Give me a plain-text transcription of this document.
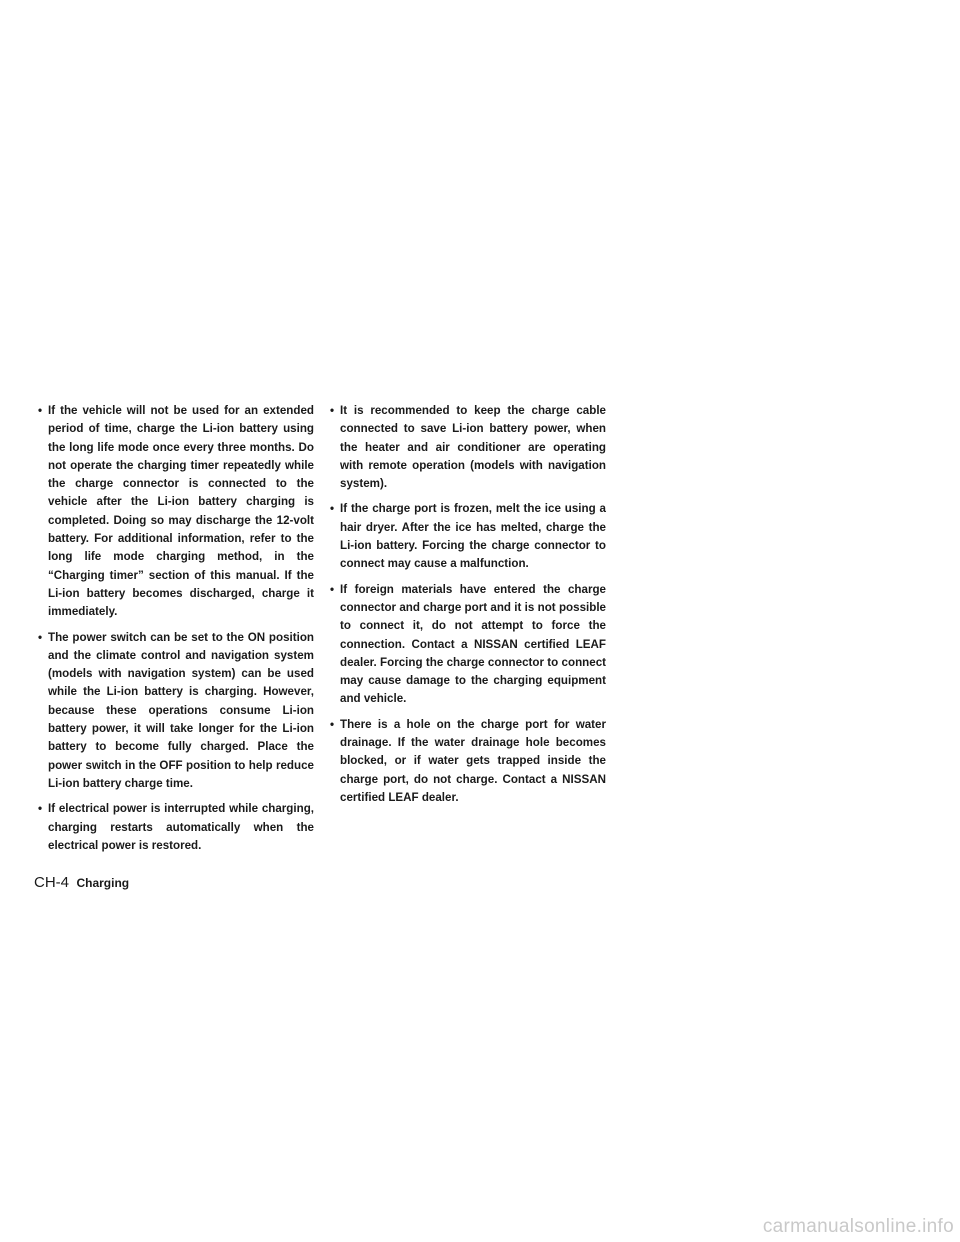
• If the vehicle will not be used for an extended period of time, charge the Li-ion battery using the long life mode once every three months. Do not operate the charging timer repeatedly while the charge connector is connected to the vehicle after the Li-ion battery charging is completed. Doing so may discharge the 12-volt battery. For additional information, refer to the long life mode charging method, in the “Charging timer” section of this manual. If the Li-ion battery becomes discharged, charge it immediately.
• The power switch can be set to the ON position and the climate control and navigation system (models with navigation system) can be used while the Li-ion battery is charging. However, because these operations consume Li-ion battery power, it will take longer for the Li-ion battery to become fully charged. Place the power switch in the OFF position to help reduce Li-ion battery charge time.
• If electrical power is interrupted while charging, charging restarts automatically when the electrical power is restored.
• It is recommended to keep the charge cable connected to save Li-ion battery power, when the heater and air conditioner are operating with remote operation (models with navigation system).
• If the charge port is frozen, melt the ice using a hair dryer. After the ice has melted, charge the Li-ion battery. Forcing the charge connector to connect may cause a malfunction.
• If foreign materials have entered the charge connector and charge port and it is not possible to connect it, do not attempt to force the connection. Contact a NISSAN certified LEAF dealer. Forcing the charge connector to connect may cause damage to the charging equipment and vehicle.
• There is a hole on the charge port for water drainage. If the water drainage hole becomes blocked, or if water gets trapped inside the charge port, do not charge. Contact a NISSAN certified LEAF dealer.
CH-4 Charging
carmanualsonline.info
